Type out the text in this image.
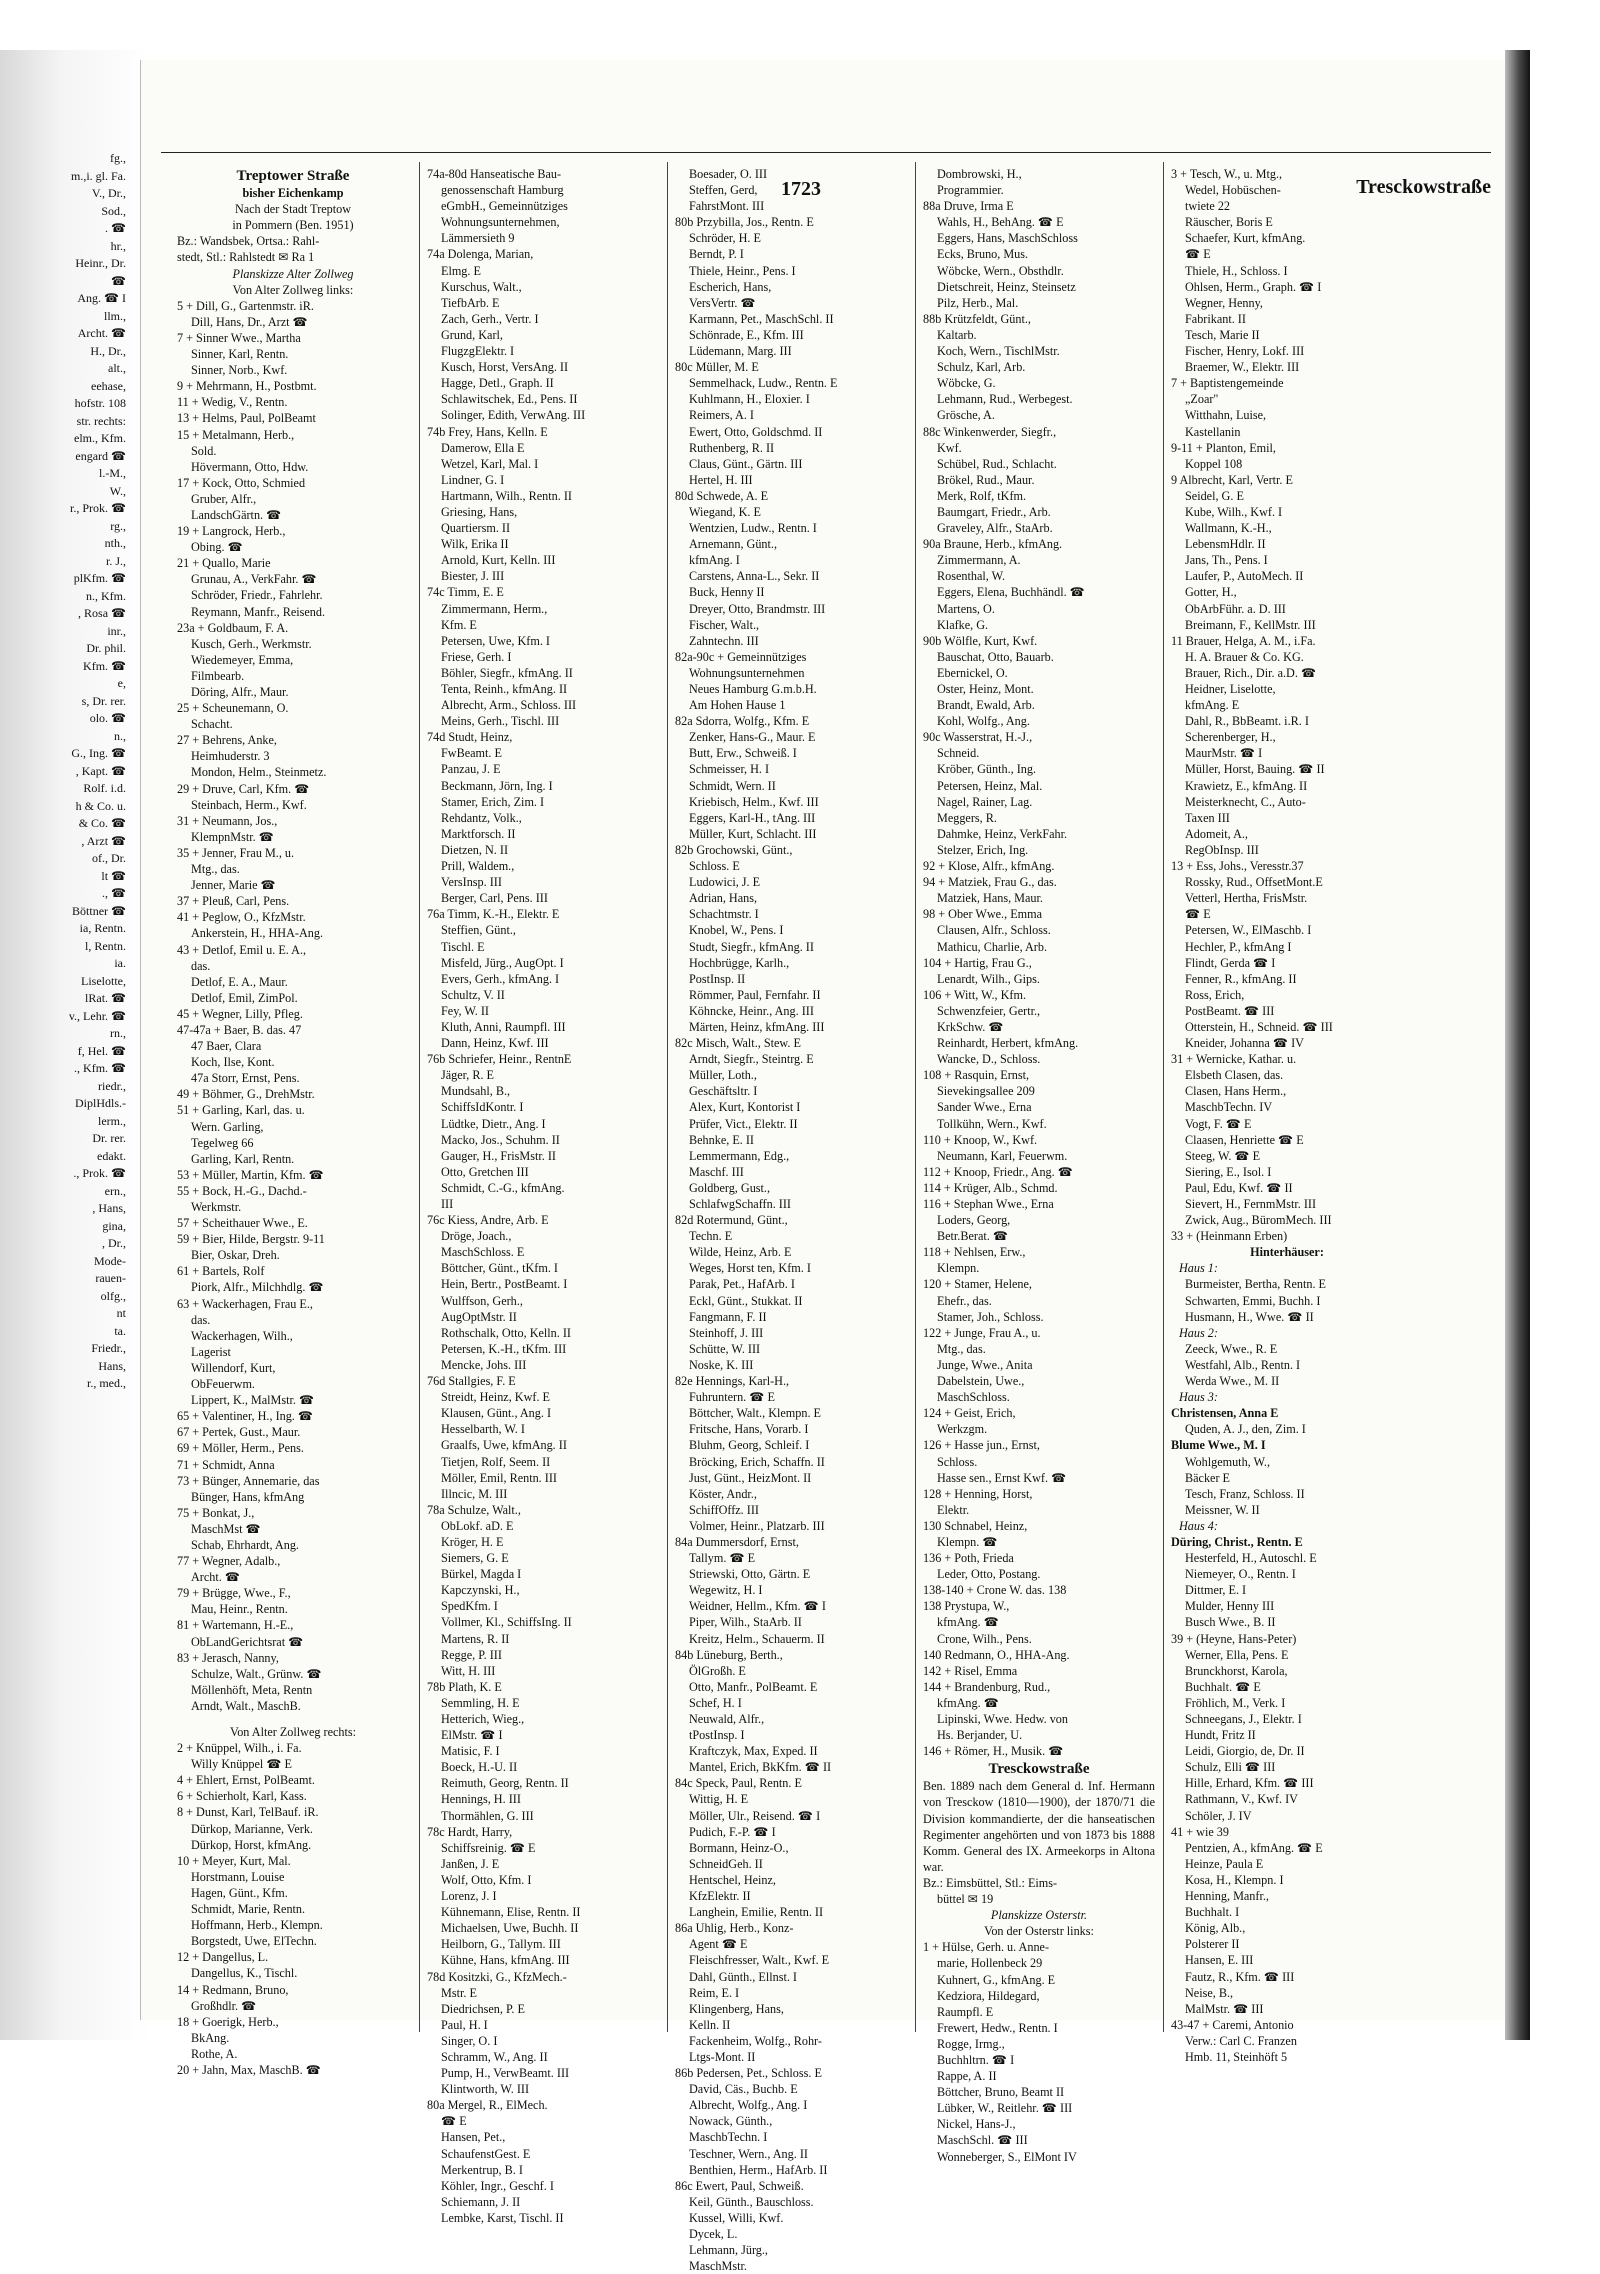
fg.,
m.,i. gl. Fa.
V., Dr.,
Sod.,
. ☎
hr.,
Heinr., Dr.
☎
Ang. ☎ I
llm.,
Archt. ☎
H., Dr.,
alt.,
eehase,
hofstr. 108
str. rechts:
elm., Kfm.
engard ☎
l.-M.,
W.,
r., Prok. ☎
rg.,
nth.,
r. J.,
plKfm. ☎
n., Kfm.
, Rosa ☎
inr.,
Dr. phil.
Kfm. ☎
e,
s, Dr. rer.
olo. ☎
n.,
G., Ing. ☎
, Kapt. ☎
Rolf. i.d.
h & Co. u.
& Co. ☎
, Arzt ☎
of., Dr.
lt ☎
., ☎
Böttner ☎
ia, Rentn.
l, Rentn.
ia.
Liselotte,
lRat. ☎
v., Lehr. ☎
rn.,
f, Hel. ☎
., Kfm. ☎
riedr.,
DiplHdls.-
lerm.,
Dr. rer.
edakt.
., Prok. ☎
ern.,
, Hans,
gina,
, Dr.,
Mode-
rauen-
olfg.,
nt
ta.
Friedr.,
Hans,
r., med.,
1723	Tresckowstraße
Treptower Straße
bisher Eichenkamp
Nach der Stadt Treptow
in Pommern (Ben. 1951)
Bz.: Wandsbek, Ortsa.: Rahl-
stedt, Stl.: Rahlstedt ✉ Ra 1
Planskizze Alter Zollweg
Von Alter Zollweg links:
5 + Dill, G., Gartenmstr. iR.
Dill, Hans, Dr., Arzt ☎
7 + Sinner Wwe., Martha
Sinner, Karl, Rentn.
Sinner, Norb., Kwf.
9 + Mehrmann, H., Postbmt.
11 + Wedig, V., Rentn.
13 + Helms, Paul, PolBeamt
15 + Metalmann, Herb.,
Sold.
Hövermann, Otto, Hdw.
17 + Kock, Otto, Schmied
Gruber, Alfr.,
LandschGärtn. ☎
19 + Langrock, Herb.,
Obing. ☎
21 + Quallo, Marie
Grunau, A., VerkFahr. ☎
Schröder, Friedr., Fahrlehr.
Reymann, Manfr., Reisend.
23a + Goldbaum, F. A.
Kusch, Gerh., Werkmstr.
Wiedemeyer, Emma,
Filmbearb.
Döring, Alfr., Maur.
25 + Scheunemann, O.
Schacht.
27 + Behrens, Anke,
Heimhuderstr. 3
Mondon, Helm., Steinmetz.
29 + Druve, Carl, Kfm. ☎
Steinbach, Herm., Kwf.
31 + Neumann, Jos.,
KlempnMstr. ☎
35 + Jenner, Frau M., u.
Mtg., das.
Jenner, Marie ☎
37 + Pleuß, Carl, Pens.
41 + Peglow, O., KfzMstr.
Ankerstein, H., HHA-Ang.
43 + Detlof, Emil u. E. A.,
das.
Detlof, E. A., Maur.
Detlof, Emil, ZimPol.
45 + Wegner, Lilly, Pfleg.
47-47a + Baer, B. das. 47
47 Baer, Clara
Koch, Ilse, Kont.
47a Storr, Ernst, Pens.
49 + Böhmer, G., DrehMstr.
51 + Garling, Karl, das. u.
Wern. Garling,
Tegelweg 66
Garling, Karl, Rentn.
53 + Müller, Martin, Kfm. ☎
55 + Bock, H.-G., Dachd.-
Werkmstr.
57 + Scheithauer Wwe., E.
59 + Bier, Hilde, Bergstr. 9-11
Bier, Oskar, Dreh.
61 + Bartels, Rolf
Piork, Alfr., Milchhdlg. ☎
63 + Wackerhagen, Frau E.,
das.
Wackerhagen, Wilh.,
Lagerist
Willendorf, Kurt,
ObFeuerwm.
Lippert, K., MalMstr. ☎
65 + Valentiner, H., Ing. ☎
67 + Pertek, Gust., Maur.
69 + Möller, Herm., Pens.
71 + Schmidt, Anna
73 + Bünger, Annemarie, das
Bünger, Hans, kfmAng
75 + Bonkat, J.,
MaschMst ☎
Schab, Ehrhardt, Ang.
77 + Wegner, Adalb.,
Archt. ☎
79 + Brügge, Wwe., F.,
Mau, Heinr., Rentn.
81 + Wartemann, H.-E.,
ObLandGerichtsrat ☎
83 + Jerasch, Nanny,
Schulze, Walt., Grünw. ☎
Möllenhöft, Meta, Rentn
Arndt, Walt., MaschB.
Von Alter Zollweg rechts:
2 + Knüppel, Wilh., i. Fa.
Willy Knüppel ☎ E
4 + Ehlert, Ernst, PolBeamt.
6 + Schierholt, Karl, Kass.
8 + Dunst, Karl, TelBauf. iR.
Dürkop, Marianne, Verk.
Dürkop, Horst, kfmAng.
10 + Meyer, Kurt, Mal.
Horstmann, Louise
Hagen, Günt., Kfm.
Schmidt, Marie, Rentn.
Hoffmann, Herb., Klempn.
Borgstedt, Uwe, ElTechn.
12 + Dangellus, L.
Dangellus, K., Tischl.
14 + Redmann, Bruno,
Großhdlr. ☎
18 + Goerigk, Herb.,
BkAng.
Rothe, A.
20 + Jahn, Max, MaschB. ☎
74a-80d Hanseatische Bau-
genossenschaft Hamburg
eGmbH., Gemeinnütziges
Wohnungsunternehmen,
Lämmersieth 9
74a Dolenga, Marian,
Elmg. E
Kurschus, Walt.,
TiefbArb. E
Zach, Gerh., Vertr. I
Grund, Karl,
FlugzgElektr. I
Kusch, Horst, VersAng. II
Hagge, Detl., Graph. II
Schlawitschek, Ed., Pens. II
Solinger, Edith, VerwAng. III
74b Frey, Hans, Kelln. E
Damerow, Ella E
Wetzel, Karl, Mal. I
Lindner, G. I
Hartmann, Wilh., Rentn. II
Griesing, Hans,
Quartiersm. II
Wilk, Erika II
Arnold, Kurt, Kelln. III
Biester, J. III
74c Timm, E. E
Zimmermann, Herm.,
Kfm. E
Petersen, Uwe, Kfm. I
Friese, Gerh. I
Böhler, Siegfr., kfmAng. II
Tenta, Reinh., kfmAng. II
Albrecht, Arm., Schloss. III
Meins, Gerh., Tischl. III
74d Studt, Heinz,
FwBeamt. E
Panzau, J. E
Beckmann, Jörn, Ing. I
Stamer, Erich, Zim. I
Rehdantz, Volk.,
Marktforsch. II
Dietzen, N. II
Prill, Waldem.,
VersInsp. III
Berger, Carl, Pens. III
76a Timm, K.-H., Elektr. E
Steffien, Günt.,
Tischl. E
Misfeld, Jürg., AugOpt. I
Evers, Gerh., kfmAng. I
Schultz, V. II
Fey, W. II
Kluth, Anni, Raumpfl. III
Dann, Heinz, Kwf. III
76b Schriefer, Heinr., RentnE
Jäger, R. E
Mundsahl, B.,
SchiffsIdKontr. I
Lüdtke, Dietr., Ang. I
Macko, Jos., Schuhm. II
Gauger, H., FrisMstr. II
Otto, Gretchen III
Schmidt, C.-G., kfmAng.
III
76c Kiess, Andre, Arb. E
Dröge, Joach.,
MaschSchloss. E
Böttcher, Günt., tKfm. I
Hein, Bertr., PostBeamt. I
Wulffson, Gerh.,
AugOptMstr. II
Rothschalk, Otto, Kelln. II
Petersen, K.-H., tKfm. III
Mencke, Johs. III
76d Stallgies, F. E
Streidt, Heinz, Kwf. E
Klausen, Günt., Ang. I
Hesselbarth, W. I
Graalfs, Uwe, kfmAng. II
Tietjen, Rolf, Seem. II
Möller, Emil, Rentn. III
Illncic, M. III
78a Schulze, Walt.,
ObLokf. aD. E
Kröger, H. E
Siemers, G. E
Bürkel, Magda I
Kapczynski, H.,
SpedKfm. I
Vollmer, Kl., SchiffsIng. II
Martens, R. II
Regge, P. III
Witt, H. III
78b Plath, K. E
Semmling, H. E
Hetterich, Wieg.,
ElMstr. ☎ I
Matisic, F. I
Boeck, H.-U. II
Reimuth, Georg, Rentn. II
Hennings, H. III
Thormählen, G. III
78c Hardt, Harry,
Schiffsreinig. ☎ E
Janßen, J. E
Wolf, Otto, Kfm. I
Lorenz, J. I
Kühnemann, Elise, Rentn. II
Michaelsen, Uwe, Buchh. II
Heilborn, G., Tallym. III
Kühne, Hans, kfmAng. III
78d Kositzki, G., KfzMech.-
Mstr. E
Diedrichsen, P. E
Paul, H. I
Singer, O. I
Schramm, W., Ang. II
Pump, H., VerwBeamt. III
Klintworth, W. III
80a Mergel, R., ElMech.
☎ E
Hansen, Pet.,
SchaufenstGest. E
Merkentrup, B. I
Köhler, Ingr., Geschf. I
Schiemann, J. II
Lembke, Karst, Tischl. II
Boesader, O. III
Steffen, Gerd,
FahrstMont. III
80b Przybilla, Jos., Rentn. E
Schröder, H. E
Berndt, P. I
Thiele, Heinr., Pens. I
Escherich, Hans,
VersVertr. ☎
Karmann, Pet., MaschSchl. II
Schönrade, E., Kfm. III
Lüdemann, Marg. III
80c Müller, M. E
Semmelhack, Ludw., Rentn. E
Kuhlmann, H., Eloxier. I
Reimers, A. I
Ewert, Otto, Goldschmd. II
Ruthenberg, R. II
Claus, Günt., Gärtn. III
Hertel, H. III
80d Schwede, A. E
Wiegand, K. E
Wentzien, Ludw., Rentn. I
Arnemann, Günt.,
kfmAng. I
Carstens, Anna-L., Sekr. II
Buck, Henny II
Dreyer, Otto, Brandmstr. III
Fischer, Walt.,
Zahntechn. III
82a-90c + Gemeinnütziges
Wohnungsunternehmen
Neues Hamburg G.m.b.H.
Am Hohen Hause 1
82a Sdorra, Wolfg., Kfm. E
Zenker, Hans-G., Maur. E
Butt, Erw., Schweiß. I
Schmeisser, H. I
Schmidt, Wern. II
Kriebisch, Helm., Kwf. III
Eggers, Karl-H., tAng. III
Müller, Kurt, Schlacht. III
82b Grochowski, Günt.,
Schloss. E
Ludowici, J. E
Adrian, Hans,
Schachtmstr. I
Knobel, W., Pens. I
Studt, Siegfr., kfmAng. II
Hochbrügge, Karlh.,
PostInsp. II
Römmer, Paul, Fernfahr. II
Köhncke, Heinr., Ang. III
Märten, Heinz, kfmAng. III
82c Misch, Walt., Stew. E
Arndt, Siegfr., Steintrg. E
Müller, Loth.,
Geschäftsltr. I
Alex, Kurt, Kontorist I
Prüfer, Vict., Elektr. II
Behnke, E. II
Lemmermann, Edg.,
Maschf. III
Goldberg, Gust.,
SchlafwgSchaffn. III
82d Rotermund, Günt.,
Techn. E
Wilde, Heinz, Arb. E
Weges, Horst ten, Kfm. I
Parak, Pet., HafArb. I
Eckl, Günt., Stukkat. II
Fangmann, F. II
Steinhoff, J. III
Schütte, W. III
Noske, K. III
82e Hennings, Karl-H.,
Fuhruntern. ☎ E
Böttcher, Walt., Klempn. E
Fritsche, Hans, Vorarb. I
Bluhm, Georg, Schleif. I
Bröcking, Erich, Schaffn. II
Just, Günt., HeizMont. II
Köster, Andr.,
SchiffOffz. III
Volmer, Heinr., Platzarb. III
84a Dummersdorf, Ernst,
Tallym. ☎ E
Striewski, Otto, Gärtn. E
Wegewitz, H. I
Weidner, Hellm., Kfm. ☎ I
Piper, Wilh., StaArb. II
Kreitz, Helm., Schauerm. II
84b Lüneburg, Berth.,
ÖlGroßh. E
Otto, Manfr., PolBeamt. E
Schef, H. I
Neuwald, Alfr.,
tPostInsp. I
Kraftczyk, Max, Exped. II
Mantel, Erich, BkKfm. ☎ II
84c Speck, Paul, Rentn. E
Wittig, H. E
Möller, Ulr., Reisend. ☎ I
Pudich, F.-P. ☎ I
Bormann, Heinz-O.,
SchneidGeh. II
Hentschel, Heinz,
KfzElektr. II
Langhein, Emilie, Rentn. II
86a Uhlig, Herb., Konz-
Agent ☎ E
Fleischfresser, Walt., Kwf. E
Dahl, Günth., Ellnst. I
Reim, E. I
Klingenberg, Hans,
Kelln. II
Fackenheim, Wolfg., Rohr-
Ltgs-Mont. II
86b Pedersen, Pet., Schloss. E
David, Cäs., Buchb. E
Albrecht, Wolfg., Ang. I
Nowack, Günth.,
MaschbTechn. I
Teschner, Wern., Ang. II
Benthien, Herm., HafArb. II
86c Ewert, Paul, Schweiß.
Keil, Günth., Bauschloss.
Kussel, Willi, Kwf.
Dycek, L.
Lehmann, Jürg.,
MaschMstr.
Dombrowski, H.,
Programmier.
88a Druve, Irma E
Wahls, H., BehAng. ☎ E
Eggers, Hans, MaschSchloss
Ecks, Bruno, Mus.
Wöbcke, Wern., Obsthdlr.
Dietschreit, Heinz, Steinsetz
Pilz, Herb., Mal.
88b Krützfeldt, Günt.,
Kaltarb.
Koch, Wern., TischlMstr.
Schulz, Karl, Arb.
Wöbcke, G.
Lehmann, Rud., Werbegest.
Grösche, A.
88c Winkenwerder, Siegfr.,
Kwf.
Schübel, Rud., Schlacht.
Brökel, Rud., Maur.
Merk, Rolf, tKfm.
Baumgart, Friedr., Arb.
Graveley, Alfr., StaArb.
90a Braune, Herb., kfmAng.
Zimmermann, A.
Rosenthal, W.
Eggers, Elena, Buchhändl. ☎
Martens, O.
Klafke, G.
90b Wölfle, Kurt, Kwf.
Bauschat, Otto, Bauarb.
Ebernickel, O.
Oster, Heinz, Mont.
Brandt, Ewald, Arb.
Kohl, Wolfg., Ang.
90c Wasserstrat, H.-J.,
Schneid.
Kröber, Günth., Ing.
Petersen, Heinz, Mal.
Nagel, Rainer, Lag.
Meggers, R.
Dahmke, Heinz, VerkFahr.
Stelzer, Erich, Ing.
92 + Klose, Alfr., kfmAng.
94 + Matziek, Frau G., das.
Matziek, Hans, Maur.
98 + Ober Wwe., Emma
Clausen, Alfr., Schloss.
Mathicu, Charlie, Arb.
104 + Hartig, Frau G.,
Lenardt, Wilh., Gips.
106 + Witt, W., Kfm.
Schwenzfeier, Gertr.,
KrkSchw. ☎
Reinhardt, Herbert, kfmAng.
Wancke, D., Schloss.
108 + Rasquin, Ernst,
Sievekingsallee 209
Sander Wwe., Erna
Tollkühn, Wern., Kwf.
110 + Knoop, W., Kwf.
Neumann, Karl, Feuerwm.
112 + Knoop, Friedr., Ang. ☎
114 + Krüger, Alb., Schmd.
116 + Stephan Wwe., Erna
Loders, Georg,
Betr.Berat. ☎
118 + Nehlsen, Erw.,
Klempn.
120 + Stamer, Helene,
Ehefr., das.
Stamer, Joh., Schloss.
122 + Junge, Frau A., u.
Mtg., das.
Junge, Wwe., Anita
Dabelstein, Uwe.,
MaschSchloss.
124 + Geist, Erich,
Werkzgm.
126 + Hasse jun., Ernst,
Schloss.
Hasse sen., Ernst Kwf. ☎
128 + Henning, Horst,
Elektr.
130 Schnabel, Heinz,
Klempn. ☎
136 + Poth, Frieda
Leder, Otto, Postang.
138-140 + Crone W. das. 138
138 Prystupa, W.,
kfmAng. ☎
Crone, Wilh., Pens.
140 Redmann, O., HHA-Ang.
142 + Risel, Emma
144 + Brandenburg, Rud.,
kfmAng. ☎
Lipinski, Wwe. Hedw. von
Hs. Berjander, U.
146 + Römer, H., Musik. ☎
Tresckowstraße
Ben. 1889 nach dem General d. Inf. Hermann von Tresckow (1810—1900), der 1870/71 die Division kommandierte, der die hanseatischen Regimenter angehörten und von 1873 bis 1888 Komm. General des IX. Armeekorps in Altona war.
Bz.: Eimsbüttel, Stl.: Eims-
büttel ✉ 19
Planskizze Osterstr.
Von der Osterstr links:
1 + Hülse, Gerh. u. Anne-
marie, Hollenbeck 29
Kuhnert, G., kfmAng. E
Kedziora, Hildegard,
Raumpfl. E
Frewert, Hedw., Rentn. I
Rogge, Irmg.,
Buchhltrn. ☎ I
Rappe, A. II
Böttcher, Bruno, Beamt II
Lübker, W., Reitlehr. ☎ III
Nickel, Hans-J.,
MaschSchl. ☎ III
Wonneberger, S., ElMont IV
3 + Tesch, W., u. Mtg.,
Wedel, Hobüschen-
twiete 22
Räuscher, Boris E
Schaefer, Kurt, kfmAng.
☎ E
Thiele, H., Schloss. I
Ohlsen, Herm., Graph. ☎ I
Wegner, Henny,
Fabrikant. II
Tesch, Marie II
Fischer, Henry, Lokf. III
Braemer, W., Elektr. III
7 + Baptistengemeinde
„Zoar"
Witthahn, Luise,
Kastellanin
9-11 + Planton, Emil,
Koppel 108
9 Albrecht, Karl, Vertr. E
Seidel, G. E
Kube, Wilh., Kwf. I
Wallmann, K.-H.,
LebensmHdlr. II
Jans, Th., Pens. I
Laufer, P., AutoMech. II
Gotter, H.,
ObArbFühr. a. D. III
Breimann, F., KellMstr. III
11 Brauer, Helga, A. M., i.Fa.
H. A. Brauer & Co. KG.
Brauer, Rich., Dir. a.D. ☎
Heidner, Liselotte,
kfmAng. E
Dahl, R., BbBeamt. i.R. I
Scherenberger, H.,
MaurMstr. ☎ I
Müller, Horst, Bauing. ☎ II
Krawietz, E., kfmAng. II
Meisterknecht, C., Auto-
Taxen III
Adomeit, A.,
RegObInsp. III
13 + Ess, Johs., Veresstr.37
Rossky, Rud., OffsetMont.E
Vetterl, Hertha, FrisMstr.
☎ E
Petersen, W., ElMaschb. I
Hechler, P., kfmAng I
Flindt, Gerda ☎ I
Fenner, R., kfmAng. II
Ross, Erich,
PostBeamt. ☎ III
Otterstein, H., Schneid. ☎ III
Kneider, Johanna ☎ IV
31 + Wernicke, Kathar. u.
Elsbeth Clasen, das.
Clasen, Hans Herm.,
MaschbTechn. IV
Vogt, F. ☎ E
Claasen, Henriette ☎ E
Steeg, W. ☎ E
Siering, E., Isol. I
Paul, Edu, Kwf. ☎ II
Sievert, H., FernmMstr. III
Zwick, Aug., BüromMech. III
33 + (Heinmann Erben)
Hinterhäuser:
Haus 1:
Burmeister, Bertha, Rentn. E
Schwarten, Emmi, Buchh. I
Husmann, H., Wwe. ☎ II
Haus 2:
Zeeck, Wwe., R. E
Westfahl, Alb., Rentn. I
Werda Wwe., M. II
Haus 3:
Christensen, Anna E
Quden, A. J., den, Zim. I
Blume Wwe., M. I
Wohlgemuth, W.,
Bäcker E
Tesch, Franz, Schloss. II
Meissner, W. II
Haus 4:
Düring, Christ., Rentn. E
Hesterfeld, H., Autoschl. E
Niemeyer, O., Rentn. I
Dittmer, E. I
Mulder, Henny III
Busch Wwe., B. II
39 + (Heyne, Hans-Peter)
Werner, Ella, Pens. E
Brunckhorst, Karola,
Buchhalt. ☎ E
Fröhlich, M., Verk. I
Schneegans, J., Elektr. I
Hundt, Fritz II
Leidi, Giorgio, de, Dr. II
Schulz, Elli ☎ III
Hille, Erhard, Kfm. ☎ III
Rathmann, V., Kwf. IV
Schöler, J. IV
41 + wie 39
Pentzien, A., kfmAng. ☎ E
Heinze, Paula E
Kosa, H., Klempn. I
Henning, Manfr.,
Buchhalt. I
König, Alb.,
Polsterer II
Hansen, E. III
Fautz, R., Kfm. ☎ III
Neise, B.,
MalMstr. ☎ III
43-47 + Caremi, Antonio
Verw.: Carl C. Franzen
Hmb. 11, Steinhöft 5
